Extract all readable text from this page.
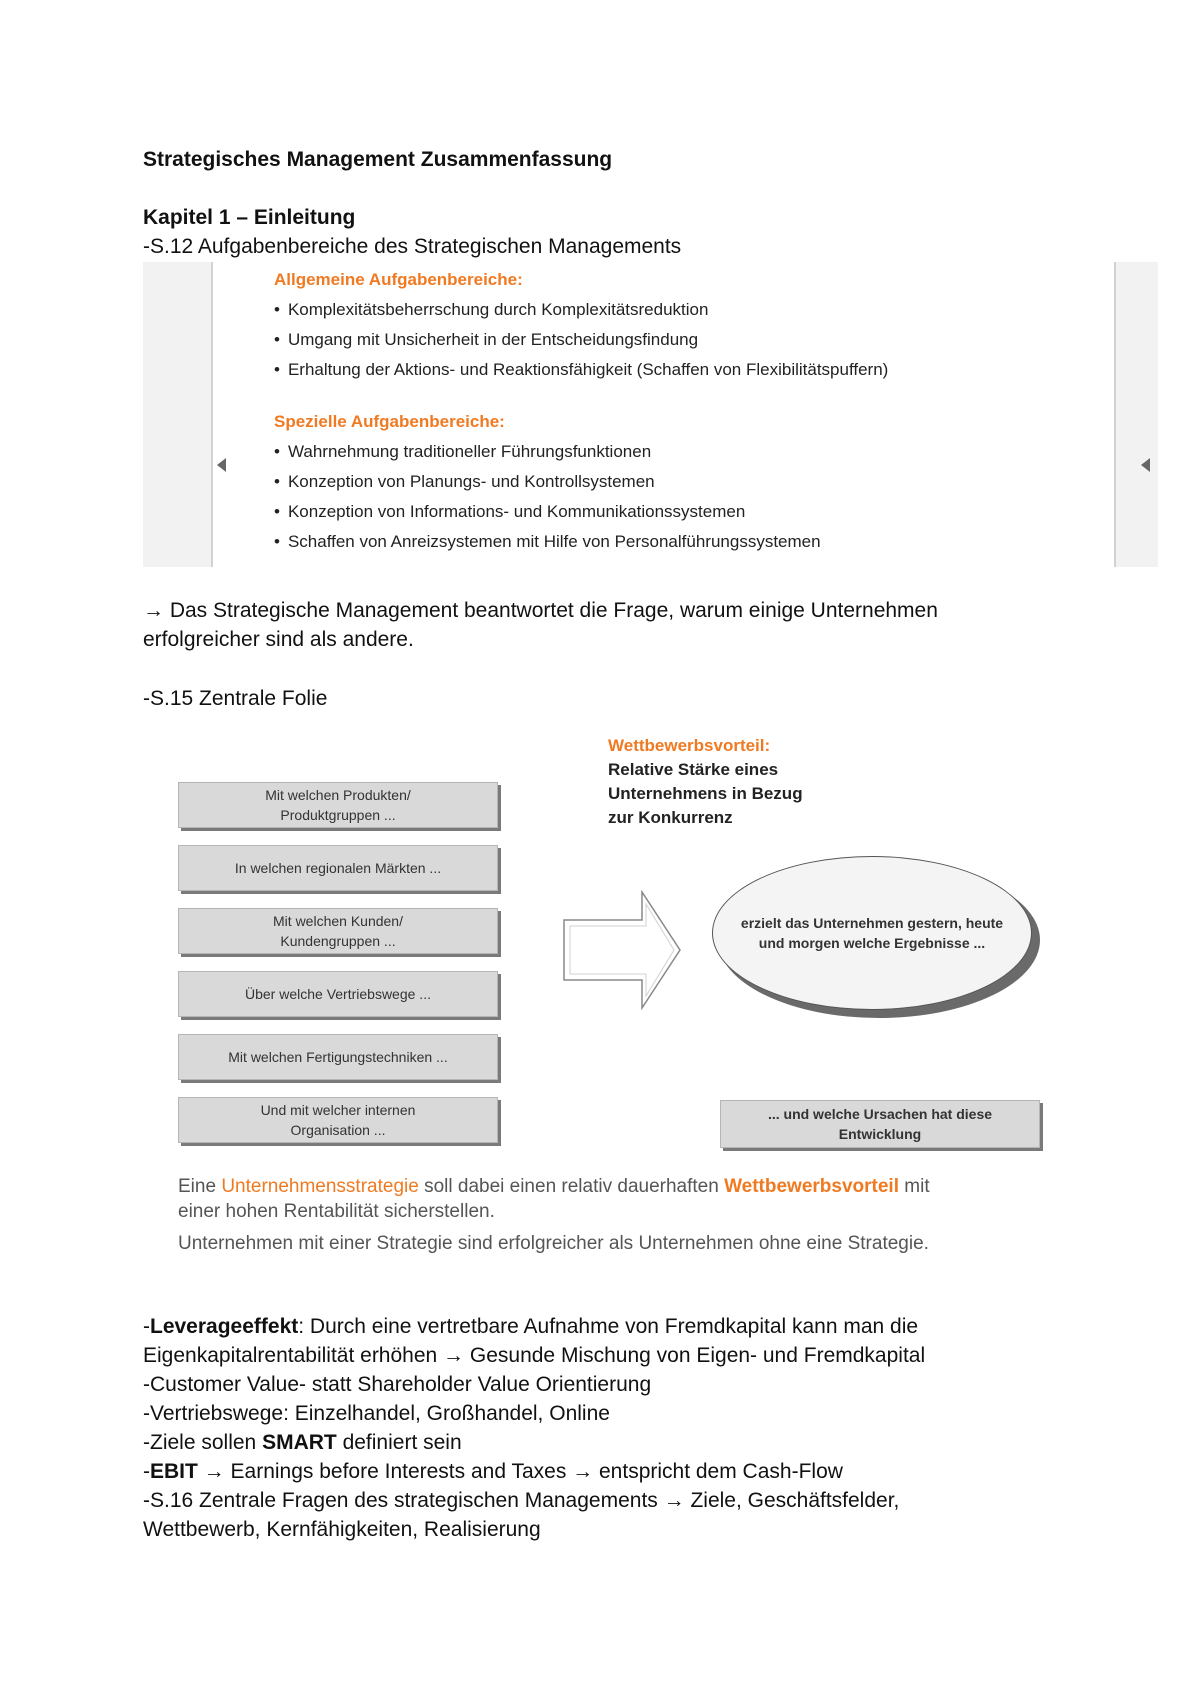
Strategisches Management Zusammenfassung
Kapitel 1 – Einleitung
-S.12 Aufgabenbereiche des Strategischen Managements
Allgemeine Aufgabenbereiche:
• Komplexitätsbeherrschung durch Komplexitätsreduktion
• Umgang mit Unsicherheit in der Entscheidungsfindung
• Erhaltung der Aktions- und Reaktionsfähigkeit (Schaffen von Flexibilitätspuffern)
Spezielle Aufgabenbereiche:
• Wahrnehmung traditioneller Führungsfunktionen
• Konzeption von Planungs- und Kontrollsystemen
• Konzeption von Informations- und Kommunikationssystemen
• Schaffen von Anreizsystemen mit Hilfe von Personalführungssystemen
→ Das Strategische Management beantwortet die Frage, warum einige Unternehmen
erfolgreicher sind als andere.
-S.15 Zentrale Folie
Wettbewerbsvorteil:
Relative Stärke eines
Unternehmens in Bezug
zur Konkurrenz
Mit welchen Produkten/ Produktgruppen ...
In welchen regionalen Märkten ...
Mit welchen Kunden/ Kundengruppen ...
Über welche Vertriebswege ...
Mit welchen Fertigungstechniken ...
Und mit welcher internen Organisation ...
erzielt das Unternehmen gestern, heute und morgen welche Ergebnisse ...
... und welche Ursachen hat diese Entwicklung
Eine Unternehmensstrategie soll dabei einen relativ dauerhaften Wettbewerbsvorteil mit
einer hohen Rentabilität sicherstellen.
Unternehmen mit einer Strategie sind erfolgreicher als Unternehmen ohne eine Strategie.
-Leverageeffekt: Durch eine vertretbare Aufnahme von Fremdkapital kann man die
Eigenkapitalrentabilität erhöhen → Gesunde Mischung von Eigen- und Fremdkapital
-Customer Value- statt Shareholder Value Orientierung
-Vertriebswege: Einzelhandel, Großhandel, Online
-Ziele sollen SMART definiert sein
-EBIT → Earnings before Interests and Taxes → entspricht dem Cash-Flow
-S.16 Zentrale Fragen des strategischen Managements → Ziele, Geschäftsfelder,
Wettbewerb, Kernfähigkeiten, Realisierung
